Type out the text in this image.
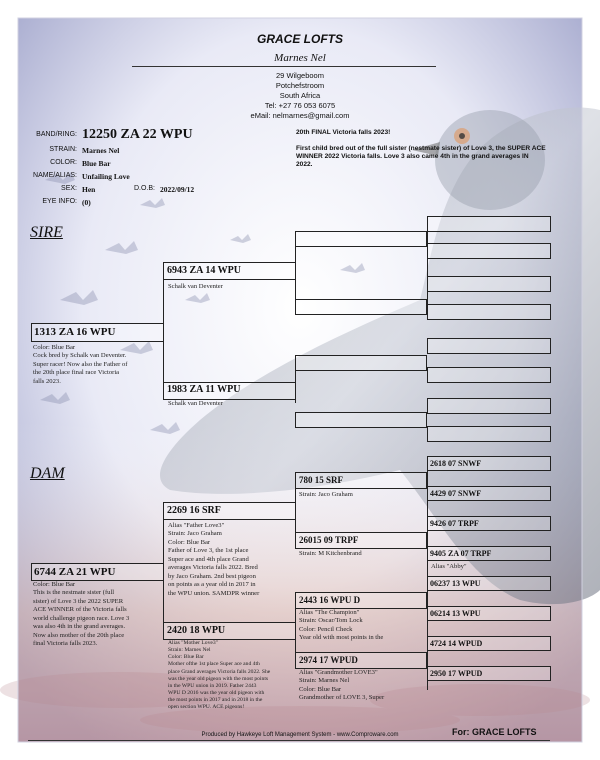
GRACE LOFTS
Marnes Nel
29 Wilgeboom
Potchefstroom
South Africa
Tel: +27 76 053 6075
eMail: nelmarnes@gmail.com
BAND/RING: 12250 ZA 22 WPU
STRAIN: Marnes Nel
COLOR: Blue Bar
NAME/ALIAS: Unfailing Love
SEX: Hen	D.O.B: 2022/09/12
EYE INFO: (0)
20th FINAL Victoria falls 2023!
First child bred out of the full sister (nestmate sister) of Love 3, the SUPER ACE WINNER 2022 Victoria falls. Love 3 also came 4th in the grand averages IN 2022.
SIRE
DAM
1313 ZA 16 WPU
Color: Blue Bar
Cock bred by Schalk van Deventer.
Super racer! Now also the Father of
the 20th place final race Victoria
falls 2023.
6943 ZA 14 WPU
Schalk van Deventer
1983 ZA 11 WPU
Schalk van Deventer
6744 ZA 21 WPU
Color: Blue Bar
This is the nestmate sister (full
sister) of Love 3 the 2022 SUPER
ACE WINNER of the Victoria falls
world challenge pigeon race. Love 3
was also 4th in the grand averages.
Now also mother of the 20th place
final Victoria falls 2023.
2269 16 SRF
Alias "Father Love3"
Strain: Jaco Graham
Color: Blue Bar
Father of Love 3, the 1st place
Super ace and 4th place Grand
averages Victoria falls 2022. Bred
by Jaco Graham. 2nd best pigeon
on points as a year old in 2017 in
the WPU union. SAMDPR winner
2420 18 WPU
Alias "Mother Love3"
Strain: Marnes Nel
Color: Blue Bar
Mother ofthe 1st place Super ace and 4th
place Grand averages Victoria falls 2022. She
was the year old pigeon with the most points
in the WPU union in 2019. Father 2443
WPU D 2016 was the year old pigeon with
the most points in 2017 and in 2018 in the
open section WPU. ACE pigeons!
780 15 SRF
Strain: Jaco Graham
26015 09 TRPF
Strain: M Kitchenbrand
2443 16 WPU D
Alias "The Champion"
Strain: Oscar/Tom Lock
Color: Pencil Check
Year old with most points in the
2974 17 WPUD
Alias "Grandmother LOVE3"
Strain: Marnes Nel
Color: Blue Bar
Grandmother of LOVE 3, Super
2618 07 SNWF
4429 07 SNWF
9426 07 TRPF
9405 ZA 07 TRPF
Alias "Abby"
06237 13 WPU
06214 13 WPU
4724 14 WPUD
2950 17 WPUD
Produced by Hawkeye Loft Management System - www.Comproware.com	For: GRACE LOFTS
